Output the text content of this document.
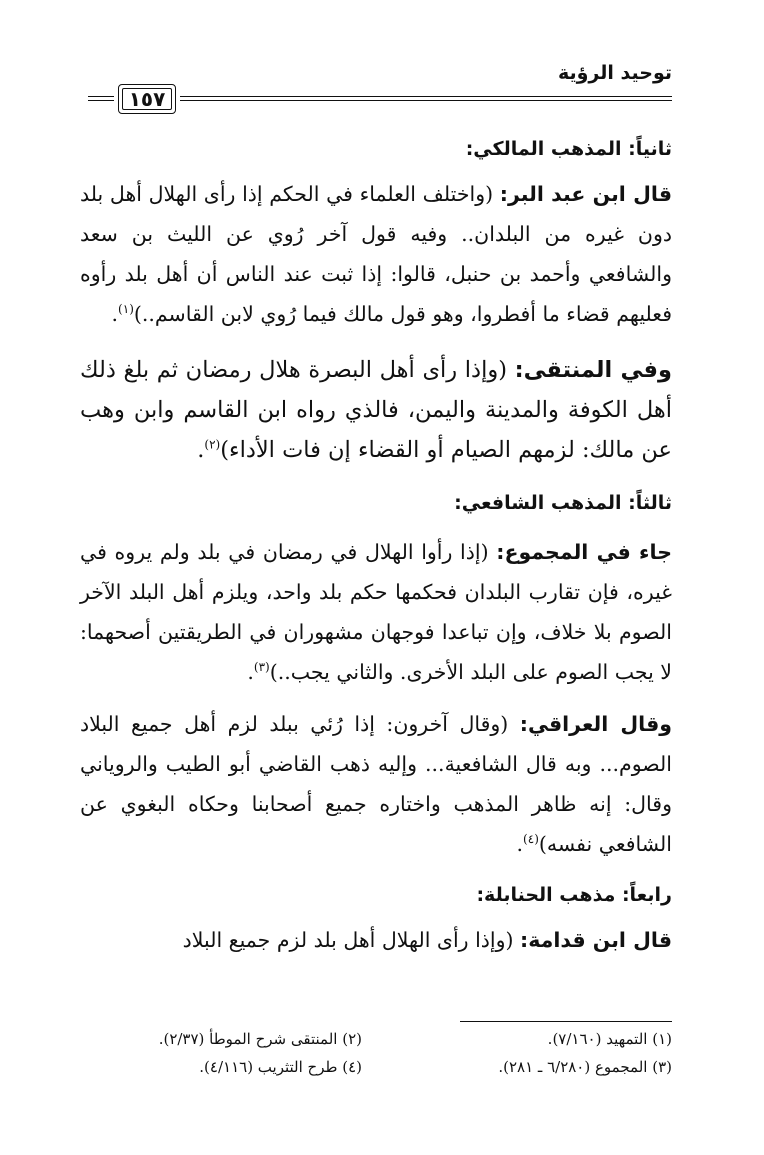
توحيد الرؤية
١٥٧
ثانياً: المذهب المالكي:

قال ابن عبد البر: (واختلف العلماء في الحكم إذا رأى الهلال أهل بلد دون غيره من البلدان.. وفيه قول آخر رُوي عن الليث بن سعد والشافعي وأحمد بن حنبل، قالوا: إذا ثبت عند الناس أن أهل بلد رأوه فعليهم قضاء ما أفطروا، وهو قول مالك فيما رُوي لابن القاسم..)$^{(١)}$.

وفي المنتقى: (وإذا رأى أهل البصرة هلال رمضان ثم بلغ ذلك أهل الكوفة والمدينة واليمن، فالذي رواه ابن القاسم وابن وهب عن مالك: لزمهم الصيام أو القضاء إن فات الأداء)$^{(٢)}$.

ثالثاً: المذهب الشافعي:

جاء في المجموع: (إذا رأوا الهلال في رمضان في بلد ولم يروه في غيره، فإن تقارب البلدان فحكمها حكم بلد واحد، ويلزم أهل البلد الآخر الصوم بلا خلاف، وإن تباعدا فوجهان مشهوران في الطريقتين أصحهما: لا يجب الصوم على البلد الأخرى. والثاني يجب..)$^{(٣)}$.

وقال العراقي: (وقال آخرون: إذا رُئي ببلد لزم أهل جميع البلاد الصوم... وبه قال الشافعية... وإليه ذهب القاضي أبو الطيب والروياني وقال: إنه ظاهر المذهب واختاره جميع أصحابنا وحكاه البغوي عن الشافعي نفسه)$^{(٤)}$.

رابعاً: مذهب الحنابلة:

قال ابن قدامة: (وإذا رأى الهلال أهل بلد لزم جميع البلاد

(١) التمهيد (٧/١٦٠).
(٢) المنتقى شرح الموطأ (٢/٣٧).
(٣) المجموع (٦/٢٨٠ ـ ٢٨١).
(٤) طرح التثريب (٤/١١٦).
